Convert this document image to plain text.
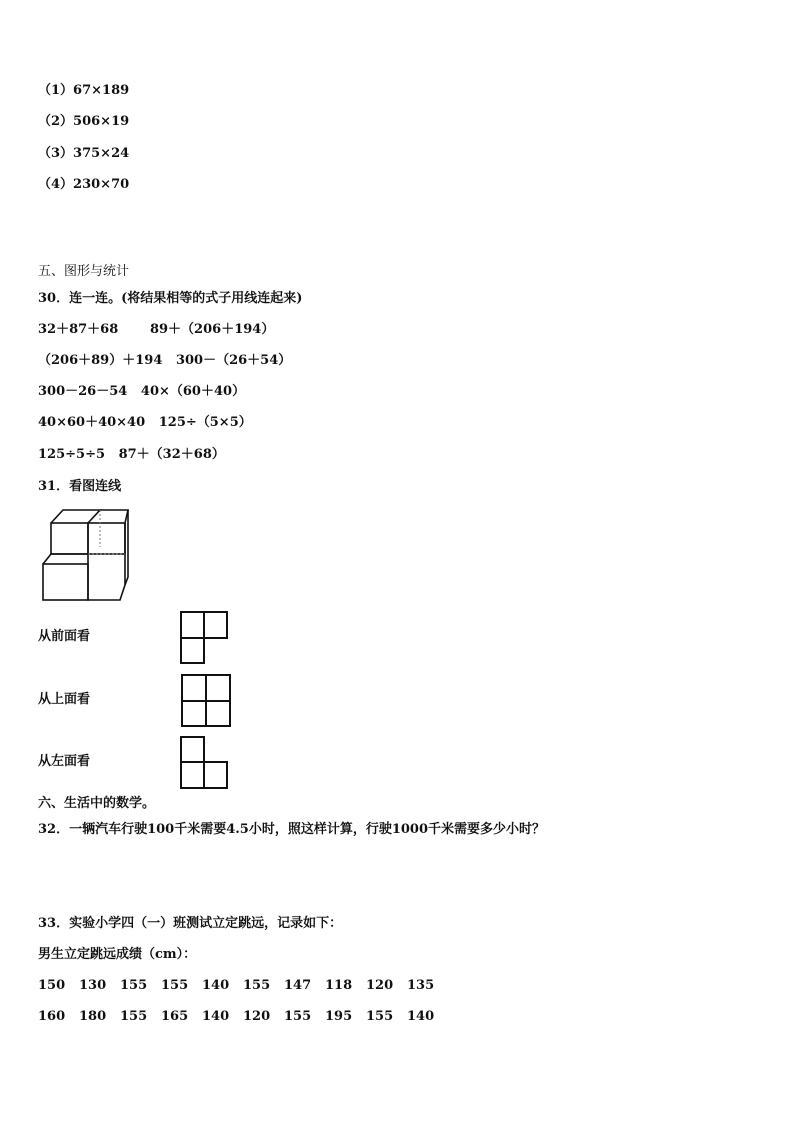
（1）67×189
（2）506×19
（3）375×24
（4）230×70
五、图形与统计
30．连一连。(将结果相等的式子用线连起来)
32＋87＋68 89＋（206＋194）
（206＋89）＋194 300－（26＋54）
300－26－54 40×（60＋40）
40×60＋40×40 125÷（5×5）
125÷5÷5 87＋（32＋68）
31．看图连线
从前面看
从上面看
从左面看
六、生活中的数学。
32．一辆汽车行驶100千米需要4.5小时，照这样计算，行驶1000千米需要多少小时？
33．实验小学四（一）班测试立定跳远，记录如下：
男生立定跳远成绩（cm）：
150 130 155 155 140 155 147 118 120 135
160 180 155 165 140 120 155 195 155 140
